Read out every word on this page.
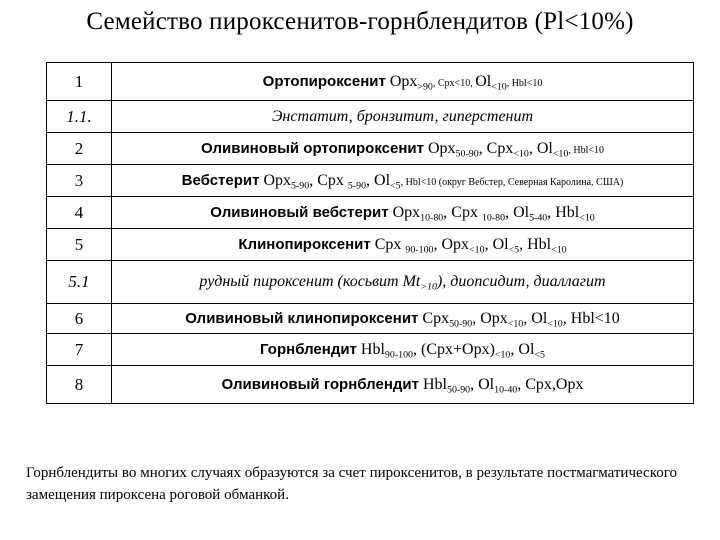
Семейство пироксенитов-горнблендитов (Pl<10%)
1	Ортопироксенит Opx$_{>90}$, Cpx<10, $Ol_{<10}$, Hbl<10
1.1.	Энстатит, бронзитит, гиперстенит
2	Оливиновый ортопироксенит Opx$_{50-90}$, Cpx$_{<10}$, $Ol_{<10}$, Hbl<10
3	Вебстерит Opx$_{5-90}$, Cpx $_{5-90}$, $Ol_{<5}$, Hbl<10 (округ Вебстер, Северная Каролина, США)
4	Оливиновый вебстерит Opx$_{10-80}$, Cpx $_{10-80}$, $Ol_{5-40}$, Hbl$_{<10}$
5	Клинопироксенит Cpx $_{90-100}$, Opx$_{<10}$, $Ol_{<5}$, Hbl$_{<10}$
5.1	рудный пироксенит (косьвит $Mt_{>10}$), диопсидит, диаллагит
6	Оливиновый клинопироксенит Cpx$_{50-90}$, Opx$_{<10}$, $Ol_{<10}$, Hbl<10
7	Горнблендит Hbl$_{90-100}$, $(Cpx+Opx)_{<10}$, $Ol_{<5}$
8	Оливиновый горнблендит Hbl$_{50-90}$, $Ol_{10-40}$, Cpx,Opx
Горнблендиты во многих случаях образуются за счет пироксенитов, в результате постмагматического замещения пироксена роговой обманкой.
